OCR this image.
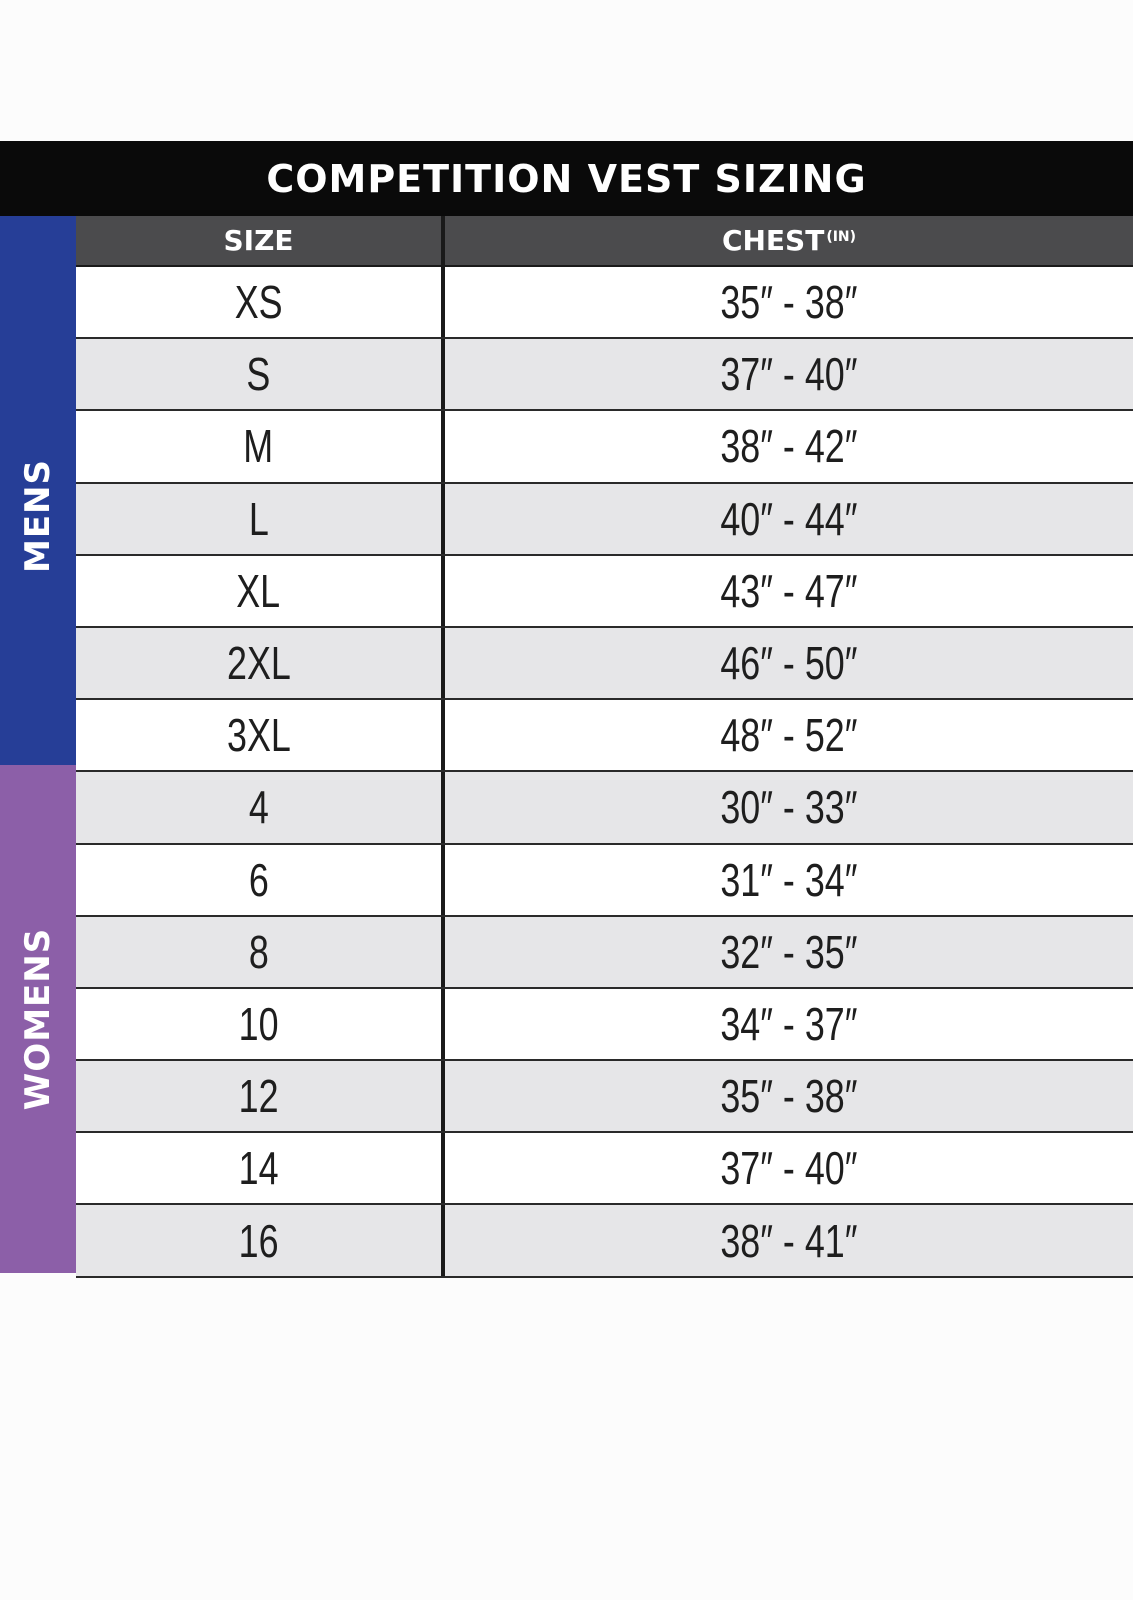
COMPETITION VEST SIZING
MENS
WOMENS
SIZE	$CHEST^{(IN)}$
XS	35″ - 38″
S	37″ - 40″
M	38″ - 42″
L	40″ - 44″
XL	43″ - 47″
2XL	46″ - 50″
3XL	48″ - 52″
4	30″ - 33″
6	31″ - 34″
8	32″ - 35″
10	34″ - 37″
12	35″ - 38″
14	37″ - 40″
16	38″ - 41″
